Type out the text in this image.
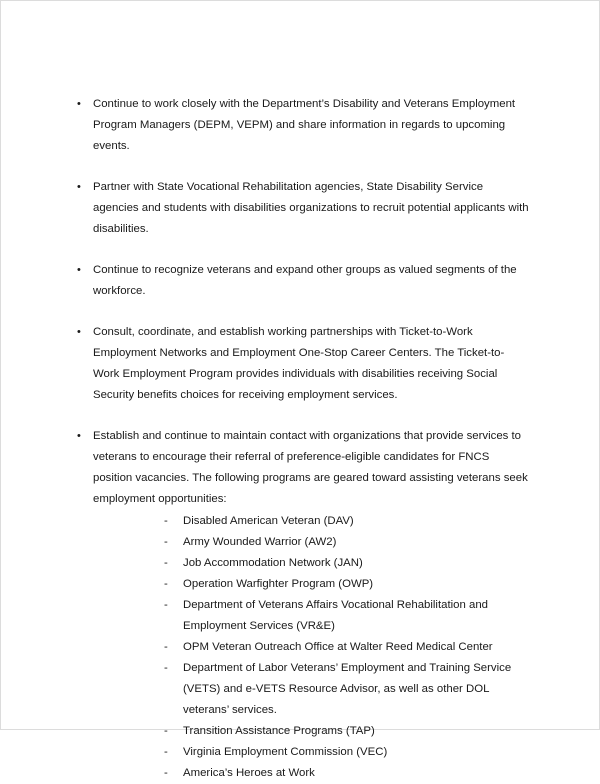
•	Continue to work closely with the Department’s Disability and Veterans Employment Program Managers (DEPM, VEPM) and share information in regards to upcoming events.
•	Partner with State Vocational Rehabilitation agencies, State Disability Service agencies and students with disabilities organizations to recruit potential applicants with disabilities.
•	Continue to recognize veterans and expand other groups as valued segments of the workforce.
•	Consult, coordinate, and establish working partnerships with Ticket-to-Work Employment Networks and Employment One-Stop Career Centers. The Ticket-to-Work Employment Program provides individuals with disabilities receiving Social Security benefits choices for receiving employment services.
•	Establish and continue to maintain contact with organizations that provide services to veterans to encourage their referral of preference-eligible candidates for FNCS position vacancies. The following programs are geared toward assisting veterans seek employment opportunities:
-	Disabled American Veteran (DAV)
-	Army Wounded Warrior (AW2)
-	Job Accommodation Network (JAN)
-	Operation Warfighter Program (OWP)
-	Department of Veterans Affairs Vocational Rehabilitation and Employment Services (VR&E)
-	OPM Veteran Outreach Office at Walter Reed Medical Center
-	Department of Labor Veterans’ Employment and Training Service (VETS) and e-VETS Resource Advisor, as well as other DOL veterans’ services.
-	Transition Assistance Programs (TAP)
-	Virginia Employment Commission (VEC)
-	America’s Heroes at Work
